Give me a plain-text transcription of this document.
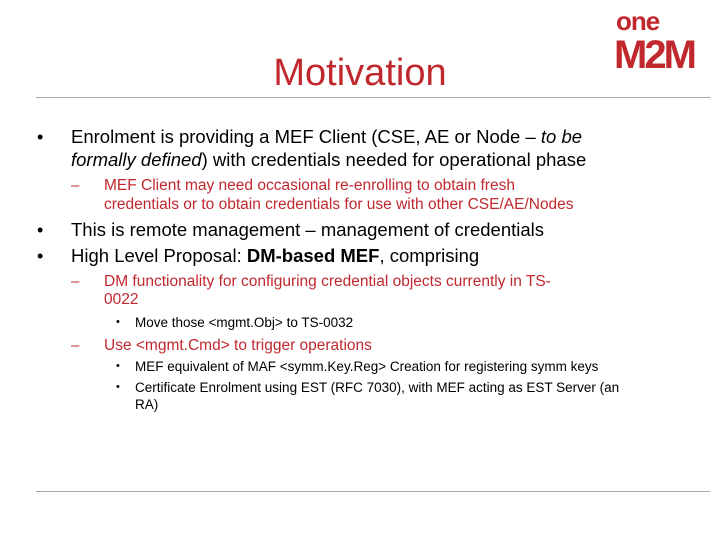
Motivation
one
M2M
• Enrolment is providing a MEF Client (CSE, AE or Node – to be
formally defined) with credentials needed for operational phase
– MEF Client may need occasional re-enrolling to obtain fresh
credentials or to obtain credentials for use with other CSE/AE/Nodes
• This is remote management – management of credentials
• High Level Proposal: DM-based MEF, comprising
– DM functionality for configuring credential objects currently in TS-
0022
• Move those <mgmt.Obj> to TS-0032
– Use <mgmt.Cmd> to trigger operations
• MEF equivalent of MAF <symm.Key.Reg> Creation for registering symm keys
• Certificate Enrolment using EST (RFC 7030), with MEF acting as EST Server (an
RA)
